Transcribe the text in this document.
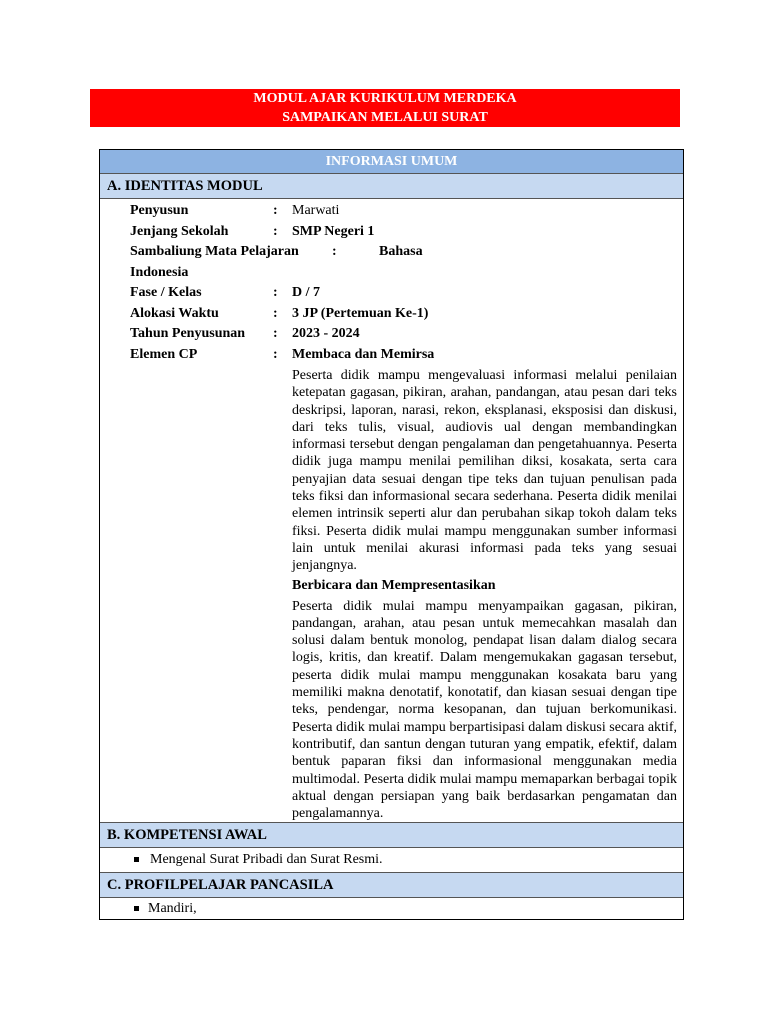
MODUL AJAR KURIKULUM MERDEKA
SAMPAIKAN MELALUI SURAT
INFORMASI UMUM
A. IDENTITAS MODUL
Penyusun	: Marwati
Jenjang Sekolah	: SMP Negeri 1
Sambaliung Mata Pelajaran :	Bahasa
Indonesia
Fase / Kelas	: D / 7
Alokasi Waktu	: 3 JP (Pertemuan Ke-1)
Tahun Penyusunan : 2023 - 2024
Elemen CP	: Membaca dan Memirsa
Peserta didik mampu mengevaluasi informasi melalui penilaian ketepatan gagasan, pikiran, arahan, pandangan, atau pesan dari teks deskripsi, laporan, narasi, rekon, eksplanasi, eksposisi dan diskusi, dari teks tulis, visual, audiovis ual dengan membandingkan informasi tersebut dengan pengalaman dan pengetahuannya. Peserta didik juga mampu menilai pemilihan diksi, kosakata, serta cara penyajian data sesuai dengan tipe teks dan tujuan penulisan pada teks fiksi dan informasional secara sederhana. Peserta didik menilai elemen intrinsik seperti alur dan perubahan sikap tokoh dalam teks fiksi. Peserta didik mulai mampu menggunakan sumber informasi lain untuk menilai akurasi informasi pada teks yang sesuai jenjangnya.
Berbicara dan Mempresentasikan
Peserta didik mulai mampu menyampaikan gagasan, pikiran, pandangan, arahan, atau pesan untuk memecahkan masalah dan solusi dalam bentuk monolog, pendapat lisan dalam dialog secara logis, kritis, dan kreatif. Dalam mengemukakan gagasan tersebut, peserta didik mulai mampu menggunakan kosakata baru yang memiliki makna denotatif, konotatif, dan kiasan sesuai dengan tipe teks, pendengar, norma kesopanan, dan tujuan berkomunikasi. Peserta didik mulai mampu berpartisipasi dalam diskusi secara aktif, kontributif, dan santun dengan tuturan yang empatik, efektif, dalam bentuk paparan fiksi dan informasional menggunakan media multimodal. Peserta didik mulai mampu memaparkan berbagai topik aktual dengan persiapan yang baik berdasarkan pengamatan dan pengalamannya.
B. KOMPETENSI AWAL
Mengenal Surat Pribadi dan Surat Resmi.
C. PROFILPELAJAR PANCASILA
Mandiri,
